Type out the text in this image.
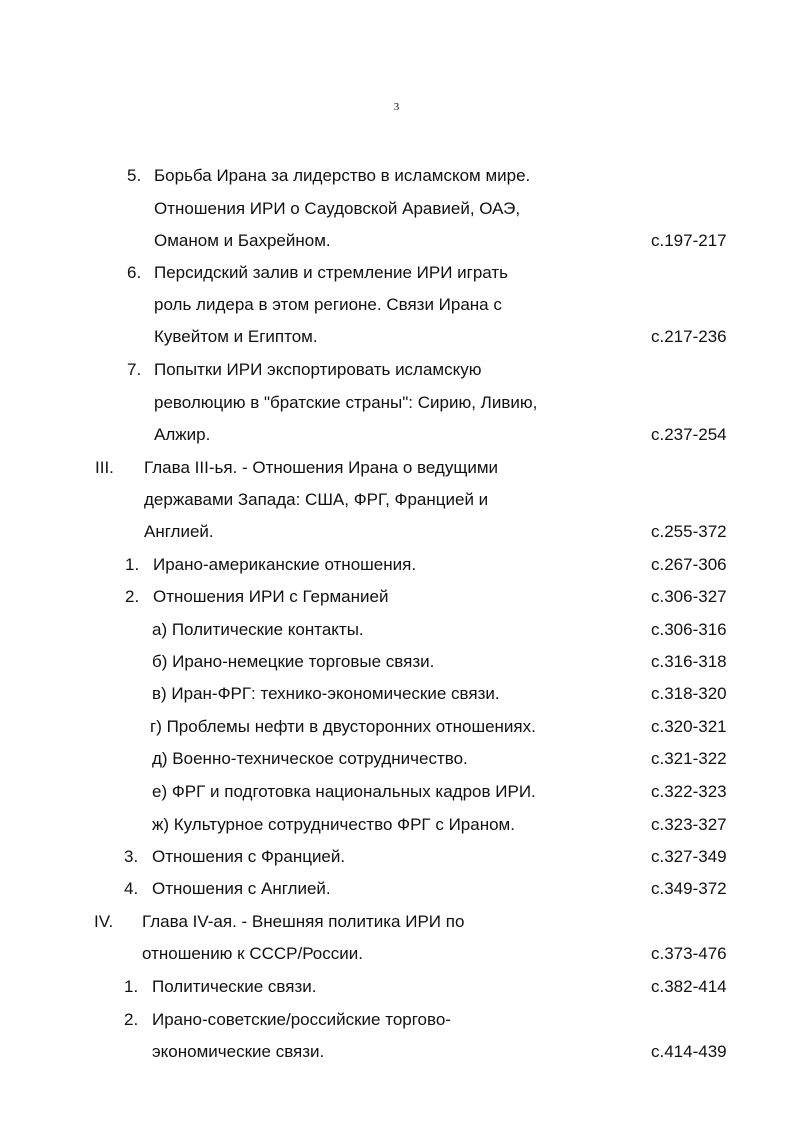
3
5. Борьба Ирана за лидерство в исламском мире.
Отношения ИРИ о Саудовской Аравией, ОАЭ,
Оманом и Бахрейном.	с.197-217
6. Персидский залив и стремление ИРИ играть
роль лидера в этом регионе. Связи Ирана с
Кувейтом и Египтом.	с.217-236
7. Попытки ИРИ экспортировать исламскую
революцию в "братские страны": Сирию, Ливию,
Алжир.	с.237-254
III. Глава III-ья. - Отношения Ирана о ведущими
державами Запада: США, ФРГ, Францией и
Англией.	с.255-372
1. Ирано-американские отношения.	с.267-306
2. Отношения ИРИ с Германией	с.306-327
а) Политические контакты.	с.306-316
б) Ирано-немецкие торговые связи.	с.316-318
в) Иран-ФРГ: технико-экономические связи.	с.318-320
г) Проблемы нефти в двусторонних отношениях.	с.320-321
д) Военно-техническое сотрудничество.	с.321-322
е) ФРГ и подготовка национальных кадров ИРИ.	с.322-323
ж) Культурное сотрудничество ФРГ с Ираном.	с.323-327
3. Отношения с Францией.	с.327-349
4. Отношения с Англией.	с.349-372
IV. Глава IV-ая. - Внешняя политика ИРИ по
отношению к СССР/России.	с.373-476
1. Политические связи.	с.382-414
2. Ирано-советские/российские торгово-
экономические связи.	с.414-439
